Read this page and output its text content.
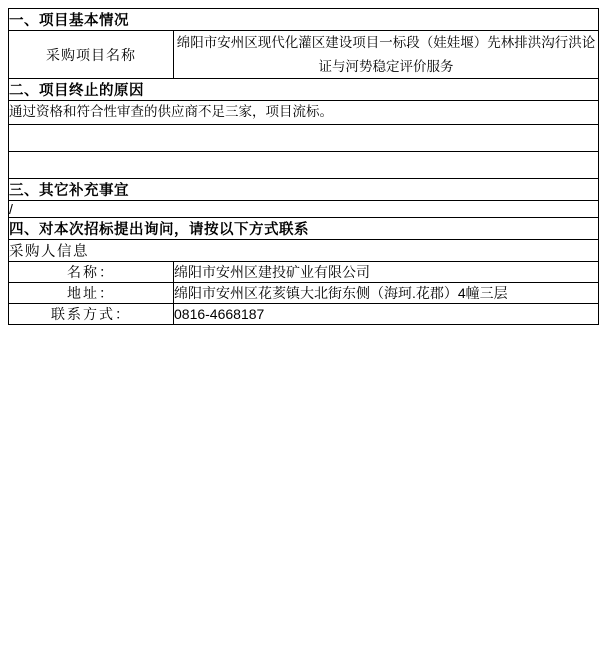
一、项目基本情况	
采购项目名称	绵阳市安州区现代化灌区建设项目一标段（娃娃堰）先林排洪沟行洪论证与河势稳定评价服务
二、项目终止的原因	
通过资格和符合性审查的供应商不足三家，项目流标。	

三、其它补充事宜	
/	
四、对本次招标提出询问，请按以下方式联系	
采购人信息	
名称：	绵阳市安州区建投矿业有限公司
地址：	绵阳市安州区花荄镇大北街东侧（海珂.花郡）4幢三层
联系方式：	0816-4668187
